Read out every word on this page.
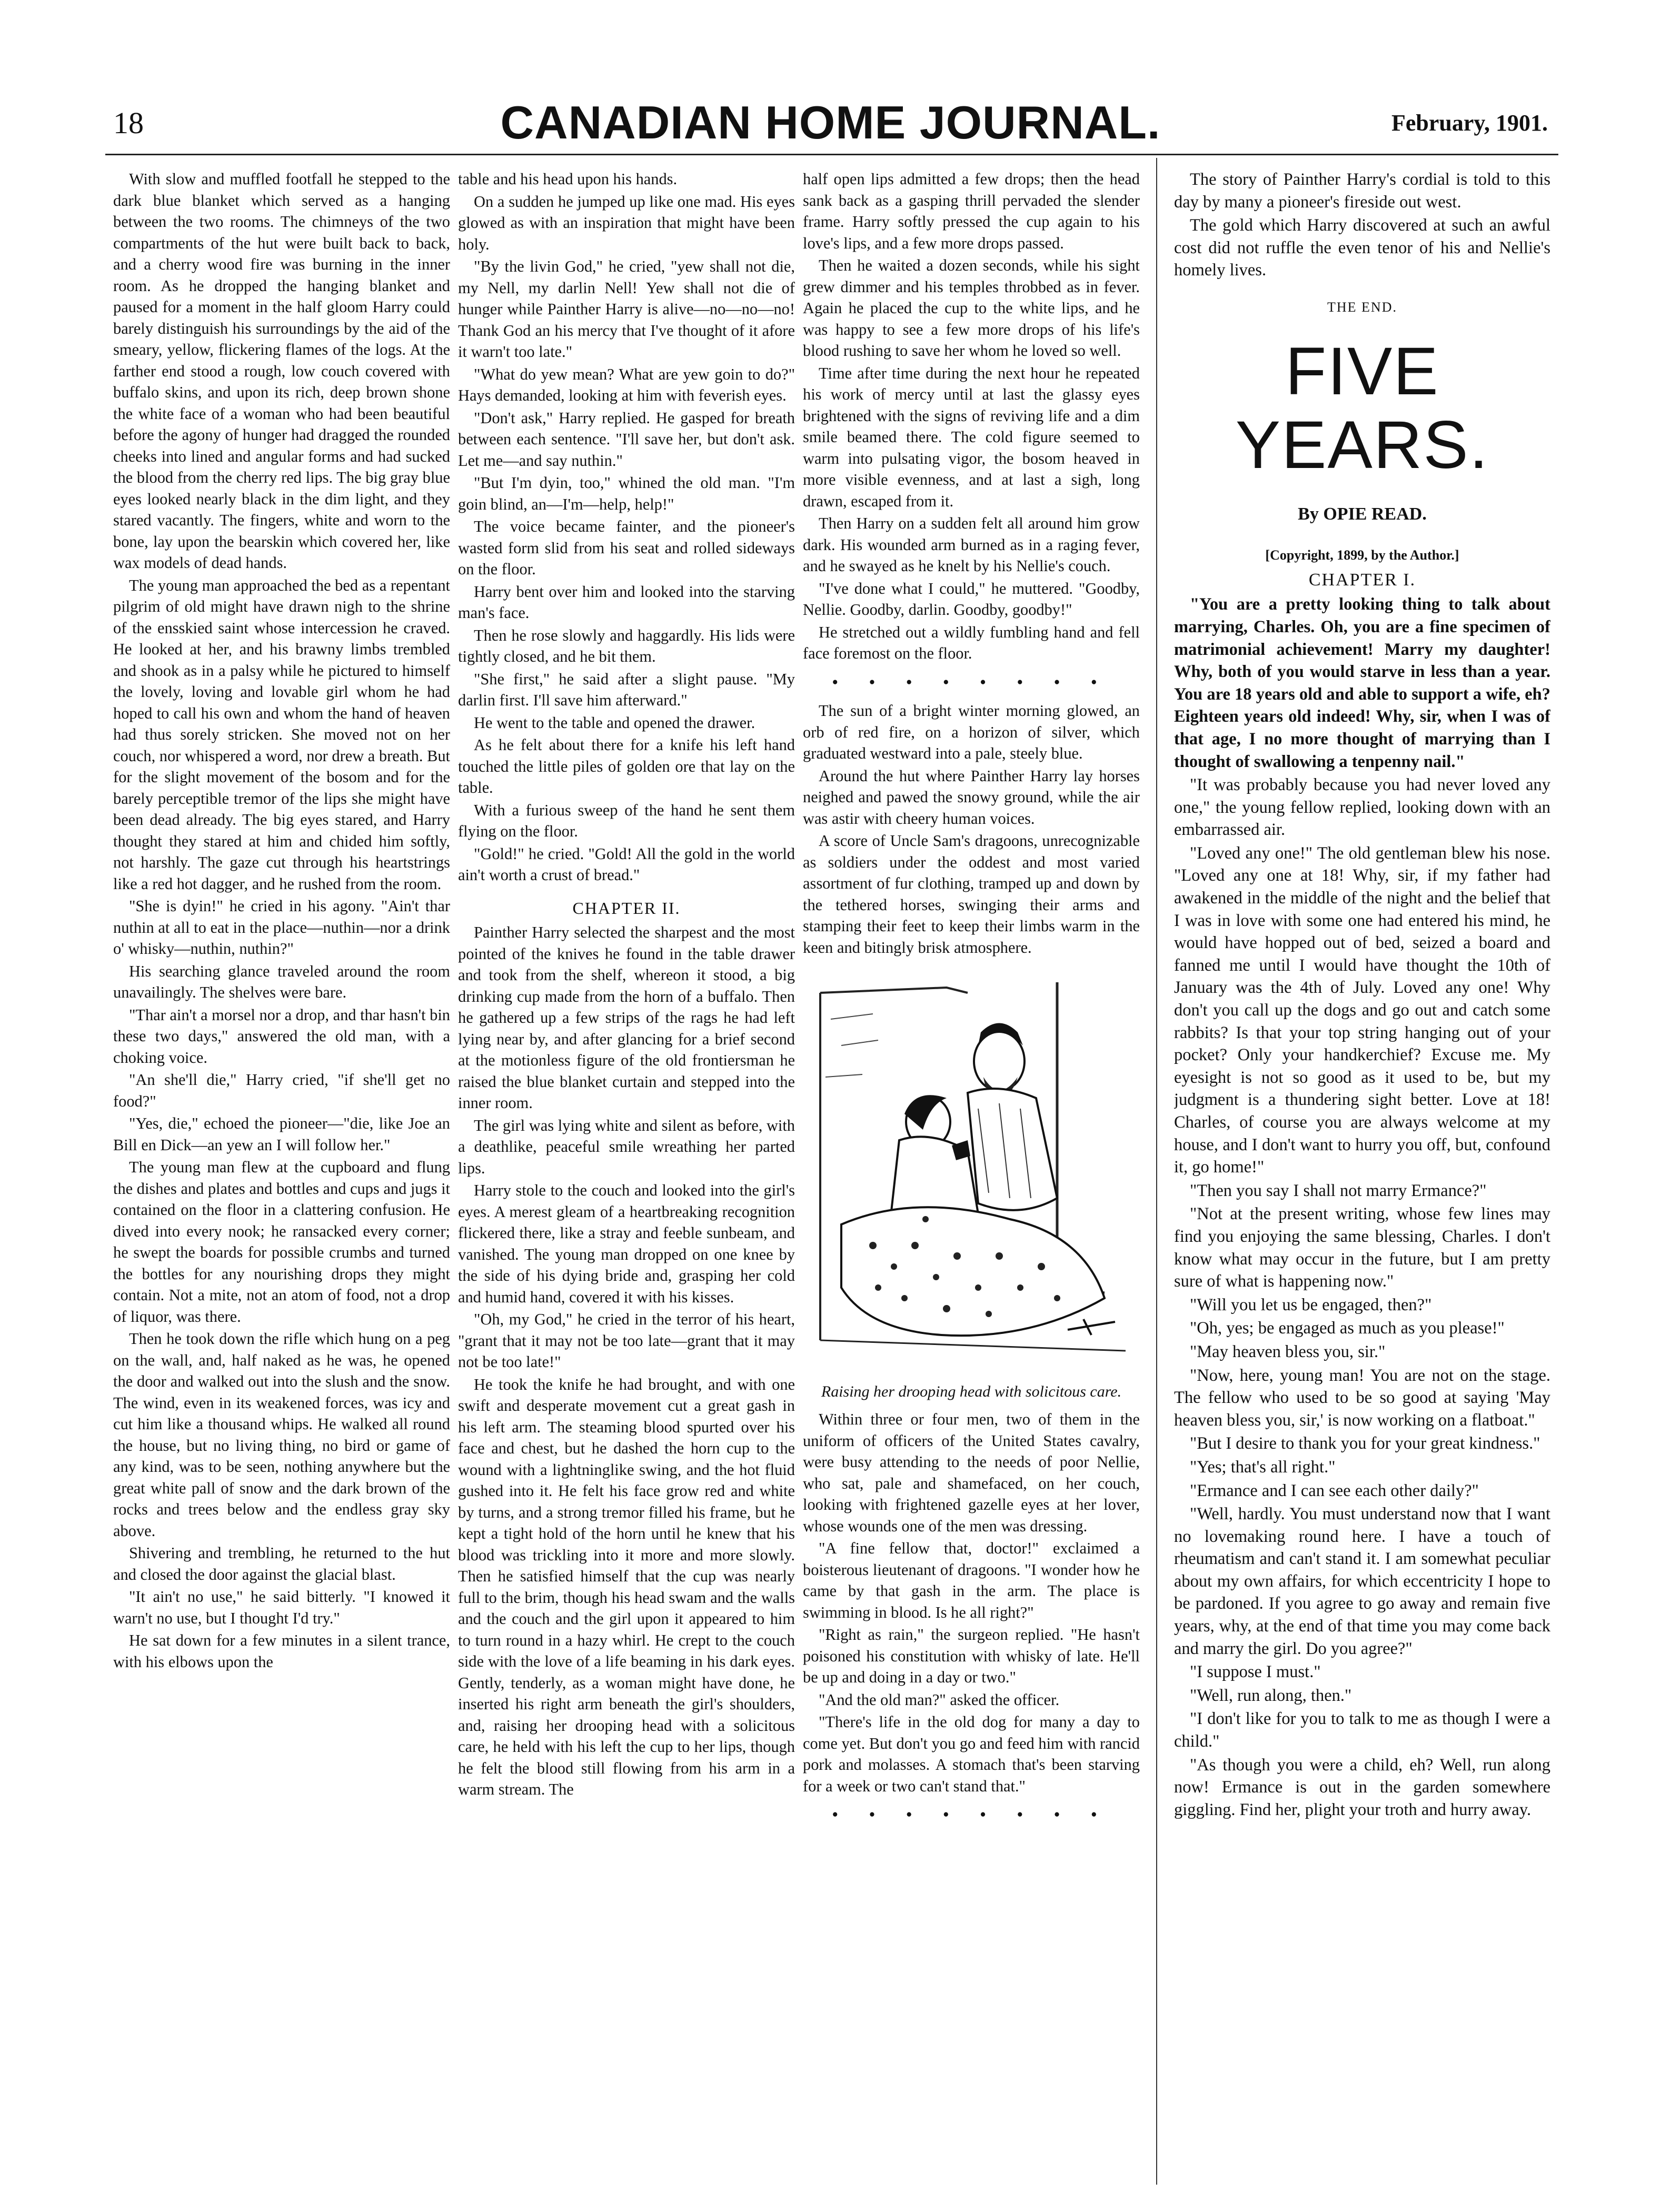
18	CANADIAN HOME JOURNAL.	February, 1901.

With slow and muffled footfall he stepped to the dark blue blanket which served as a hanging between the two rooms. The chimneys of the two compartments of the hut were built back to back, and a cherry wood fire was burning in the inner room. As he dropped the hanging blanket and paused for a moment in the half gloom Harry could barely distinguish his surroundings by the aid of the smeary, yellow, flickering flames of the logs. At the farther end stood a rough, low couch covered with buffalo skins, and upon its rich, deep brown shone the white face of a woman who had been beautiful before the agony of hunger had dragged the rounded cheeks into lined and angular forms and had sucked the blood from the cherry red lips. The big gray blue eyes looked nearly black in the dim light, and they stared vacantly. The fingers, white and worn to the bone, lay upon the bearskin which covered her, like wax models of dead hands.

The young man approached the bed as a repentant pilgrim of old might have drawn nigh to the shrine of the ensskied saint whose intercession he craved. He looked at her, and his brawny limbs trembled and shook as in a palsy while he pictured to himself the lovely, loving and lovable girl whom he had hoped to call his own and whom the hand of heaven had thus sorely stricken. She moved not on her couch, nor whispered a word, nor drew a breath. But for the slight movement of the bosom and for the barely perceptible tremor of the lips she might have been dead already. The big eyes stared, and Harry thought they stared at him and chided him softly, not harshly. The gaze cut through his heartstrings like a red hot dagger, and he rushed from the room.

"She is dyin!" he cried in his agony. "Ain't thar nuthin at all to eat in the place—nuthin—nor a drink o' whisky—nuthin, nuthin?"

His searching glance traveled around the room unavailingly. The shelves were bare.

"Thar ain't a morsel nor a drop, and thar hasn't bin these two days," answered the old man, with a choking voice.

"An she'll die," Harry cried, "if she'll get no food?"

"Yes, die," echoed the pioneer—"die, like Joe an Bill en Dick—an yew an I will follow her."

The young man flew at the cupboard and flung the dishes and plates and bottles and cups and jugs it contained on the floor in a clattering confusion. He dived into every nook; he ransacked every corner; he swept the boards for possible crumbs and turned the bottles for any nourishing drops they might contain. Not a mite, not an atom of food, not a drop of liquor, was there.

Then he took down the rifle which hung on a peg on the wall, and, half naked as he was, he opened the door and walked out into the slush and the snow. The wind, even in its weakened forces, was icy and cut him like a thousand whips. He walked all round the house, but no living thing, no bird or game of any kind, was to be seen, nothing anywhere but the great white pall of snow and the dark brown of the rocks and trees below and the endless gray sky above.

Shivering and trembling, he returned to the hut and closed the door against the glacial blast.

"It ain't no use," he said bitterly. "I knowed it warn't no use, but I thought I'd try."

He sat down for a few minutes in a silent trance, with his elbows upon the

table and his head upon his hands.

On a sudden he jumped up like one mad. His eyes glowed as with an inspiration that might have been holy.

"By the livin God," he cried, "yew shall not die, my Nell, my darlin Nell! Yew shall not die of hunger while Painther Harry is alive—no—no—no! Thank God an his mercy that I've thought of it afore it warn't too late."

"What do yew mean? What are yew goin to do?" Hays demanded, looking at him with feverish eyes.

"Don't ask," Harry replied. He gasped for breath between each sentence. "I'll save her, but don't ask. Let me—and say nuthin."

"But I'm dyin, too," whined the old man. "I'm goin blind, an—I'm—help, help!"

The voice became fainter, and the pioneer's wasted form slid from his seat and rolled sideways on the floor.

Harry bent over him and looked into the starving man's face.

Then he rose slowly and haggardly. His lids were tightly closed, and he bit them.

"She first," he said after a slight pause. "My darlin first. I'll save him afterward."

He went to the table and opened the drawer.

As he felt about there for a knife his left hand touched the little piles of golden ore that lay on the table.

With a furious sweep of the hand he sent them flying on the floor.

"Gold!" he cried. "Gold! All the gold in the world ain't worth a crust of bread."

CHAPTER II.

Painther Harry selected the sharpest and the most pointed of the knives he found in the table drawer and took from the shelf, whereon it stood, a big drinking cup made from the horn of a buffalo. Then he gathered up a few strips of the rags he had left lying near by, and after glancing for a brief second at the motionless figure of the old frontiersman he raised the blue blanket curtain and stepped into the inner room.

The girl was lying white and silent as before, with a deathlike, peaceful smile wreathing her parted lips.

Harry stole to the couch and looked into the girl's eyes. A merest gleam of a heartbreaking recognition flickered there, like a stray and feeble sunbeam, and vanished. The young man dropped on one knee by the side of his dying bride and, grasping her cold and humid hand, covered it with his kisses.

"Oh, my God," he cried in the terror of his heart, "grant that it may not be too late—grant that it may not be too late!"

He took the knife he had brought, and with one swift and desperate movement cut a great gash in his left arm. The steaming blood spurted over his face and chest, but he dashed the horn cup to the wound with a lightninglike swing, and the hot fluid gushed into it. He felt his face grow red and white by turns, and a strong tremor filled his frame, but he kept a tight hold of the horn until he knew that his blood was trickling into it more and more slowly. Then he satisfied himself that the cup was nearly full to the brim, though his head swam and the walls and the couch and the girl upon it appeared to him to turn round in a hazy whirl. He crept to the couch side with the love of a life beaming in his dark eyes. Gently, tenderly, as a woman might have done, he inserted his right arm beneath the girl's shoulders, and, raising her drooping head with a solicitous care, he held with his left the cup to her lips, though he felt the blood still flowing from his arm in a warm stream. The

half open lips admitted a few drops; then the head sank back as a gasping thrill pervaded the slender frame. Harry softly pressed the cup again to his love's lips, and a few more drops passed.

Then he waited a dozen seconds, while his sight grew dimmer and his temples throbbed as in fever. Again he placed the cup to the white lips, and he was happy to see a few more drops of his life's blood rushing to save her whom he loved so well.

Time after time during the next hour he repeated his work of mercy until at last the glassy eyes brightened with the signs of reviving life and a dim smile beamed there. The cold figure seemed to warm into pulsating vigor, the bosom heaved in more visible evenness, and at last a sigh, long drawn, escaped from it.

Then Harry on a sudden felt all around him grow dark. His wounded arm burned as in a raging fever, and he swayed as he knelt by his Nellie's couch.

"I've done what I could," he muttered. "Goodby, Nellie. Goodby, darlin. Goodby, goodby!"

He stretched out a wildly fumbling hand and fell face foremost on the floor.

• • • • • • • •

The sun of a bright winter morning glowed, an orb of red fire, on a horizon of silver, which graduated westward into a pale, steely blue.

Around the hut where Painther Harry lay horses neighed and pawed the snowy ground, while the air was astir with cheery human voices.

A score of Uncle Sam's dragoons, unrecognizable as soldiers under the oddest and most varied assortment of fur clothing, tramped up and down by the tethered horses, swinging their arms and stamping their feet to keep their limbs warm in the keen and bitingly brisk atmosphere.

Raising her drooping head with solicitous care.

Within three or four men, two of them in the uniform of officers of the United States cavalry, were busy attending to the needs of poor Nellie, who sat, pale and shamefaced, on her couch, looking with frightened gazelle eyes at her lover, whose wounds one of the men was dressing.

"A fine fellow that, doctor!" exclaimed a boisterous lieutenant of dragoons. "I wonder how he came by that gash in the arm. The place is swimming in blood. Is he all right?"

"Right as rain," the surgeon replied. "He hasn't poisoned his constitution with whisky of late. He'll be up and doing in a day or two."

"And the old man?" asked the officer.

"There's life in the old dog for many a day to come yet. But don't you go and feed him with rancid pork and molasses. A stomach that's been starving for a week or two can't stand that."

• • • • • • • •

The story of Painther Harry's cordial is told to this day by many a pioneer's fireside out west.

The gold which Harry discovered at such an awful cost did not ruffle the even tenor of his and Nellie's homely lives.

THE END.
FIVE YEARS.
By OPIE READ.
[Copyright, 1899, by the Author.]
CHAPTER I.

"You are a pretty looking thing to talk about marrying, Charles. Oh, you are a fine specimen of matrimonial achievement! Marry my daughter! Why, both of you would starve in less than a year. You are 18 years old and able to support a wife, eh? Eighteen years old indeed! Why, sir, when I was of that age, I no more thought of marrying than I thought of swallowing a tenpenny nail."

"It was probably because you had never loved any one," the young fellow replied, looking down with an embarrassed air.

"Loved any one!" The old gentleman blew his nose. "Loved any one at 18! Why, sir, if my father had awakened in the middle of the night and the belief that I was in love with some one had entered his mind, he would have hopped out of bed, seized a board and fanned me until I would have thought the 10th of January was the 4th of July. Loved any one! Why don't you call up the dogs and go out and catch some rabbits? Is that your top string hanging out of your pocket? Only your handkerchief? Excuse me. My eyesight is not so good as it used to be, but my judgment is a thundering sight better. Love at 18! Charles, of course you are always welcome at my house, and I don't want to hurry you off, but, confound it, go home!"

"Then you say I shall not marry Ermance?"

"Not at the present writing, whose few lines may find you enjoying the same blessing, Charles. I don't know what may occur in the future, but I am pretty sure of what is happening now."

"Will you let us be engaged, then?"

"Oh, yes; be engaged as much as you please!"

"May heaven bless you, sir."

"Now, here, young man! You are not on the stage. The fellow who used to be so good at saying 'May heaven bless you, sir,' is now working on a flatboat."

"But I desire to thank you for your great kindness."

"Yes; that's all right."

"Ermance and I can see each other daily?"

"Well, hardly. You must understand now that I want no lovemaking round here. I have a touch of rheumatism and can't stand it. I am somewhat peculiar about my own affairs, for which eccentricity I hope to be pardoned. If you agree to go away and remain five years, why, at the end of that time you may come back and marry the girl. Do you agree?"

"I suppose I must."

"Well, run along, then."

"I don't like for you to talk to me as though I were a child."

"As though you were a child, eh? Well, run along now! Ermance is out in the garden somewhere giggling. Find her, plight your troth and hurry away.
